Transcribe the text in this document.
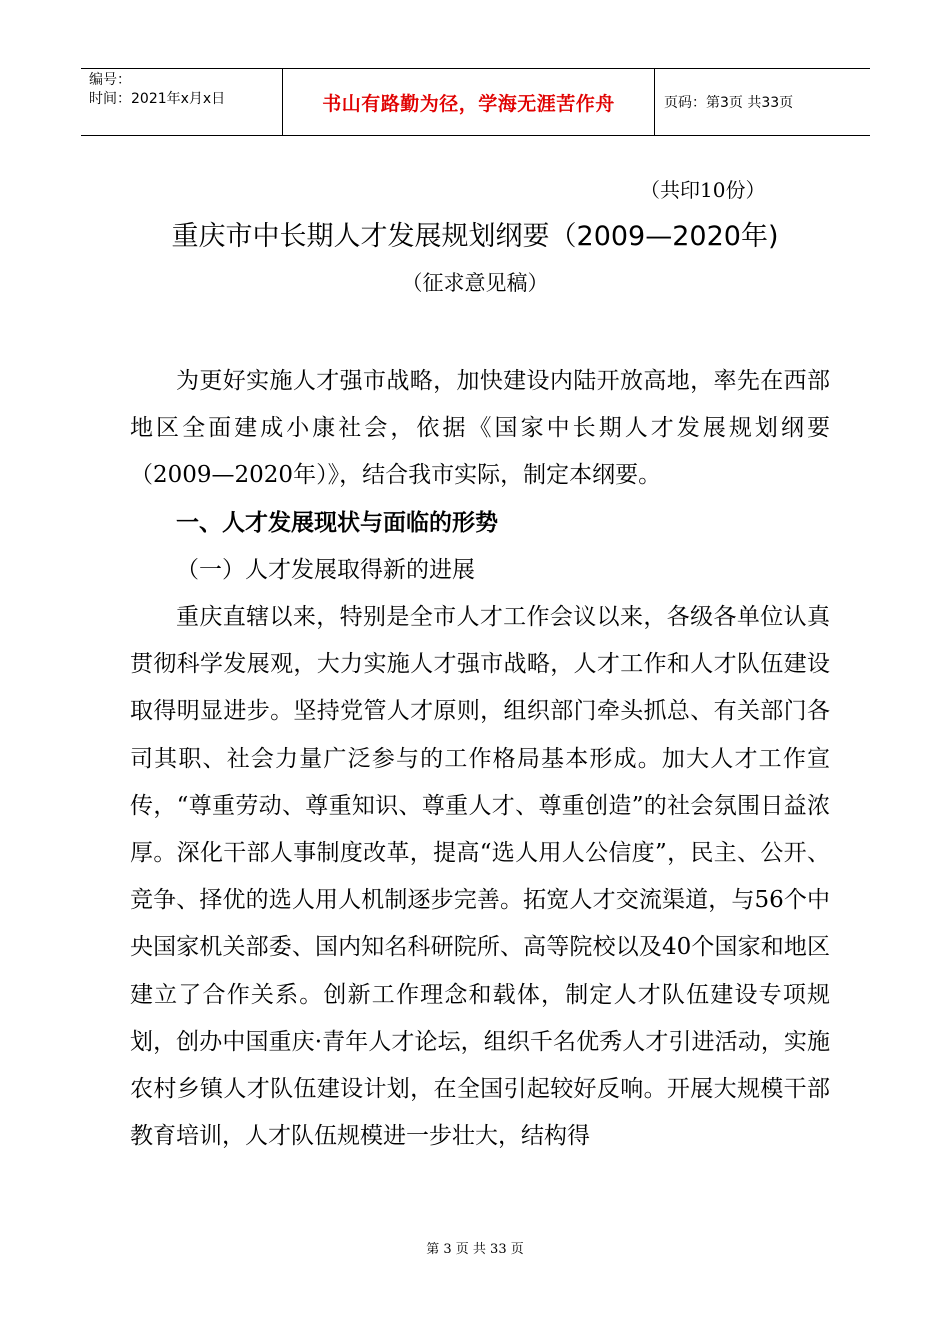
编号：
时间：2021年x月x日	书山有路勤为径，学海无涯苦作舟	页码：第3页 共33页
（共印10份）
重庆市中长期人才发展规划纲要（2009—2020年)
（征求意见稿）

为更好实施人才强市战略，加快建设内陆开放高地，率先在西部地区全面建成小康社会，依据《国家中长期人才发展规划纲要（2009—2020年）》，结合我市实际，制定本纲要。

一、人才发展现状与面临的形势

（一）人才发展取得新的进展

重庆直辖以来，特别是全市人才工作会议以来，各级各单位认真贯彻科学发展观，大力实施人才强市战略，人才工作和人才队伍建设取得明显进步。坚持党管人才原则，组织部门牵头抓总、有关部门各司其职、社会力量广泛参与的工作格局基本形成。加大人才工作宣传，“尊重劳动、尊重知识、尊重人才、尊重创造”的社会氛围日益浓厚。深化干部人事制度改革，提高“选人用人公信度”，民主、公开、竞争、择优的选人用人机制逐步完善。拓宽人才交流渠道，与56个中央国家机关部委、国内知名科研院所、高等院校以及40个国家和地区建立了合作关系。创新工作理念和载体，制定人才队伍建设专项规划，创办中国重庆·青年人才论坛，组织千名优秀人才引进活动，实施农村乡镇人才队伍建设计划，在全国引起较好反响。开展大规模干部教育培训，人才队伍规模进一步壮大，结构得

第 3 页 共 33 页
